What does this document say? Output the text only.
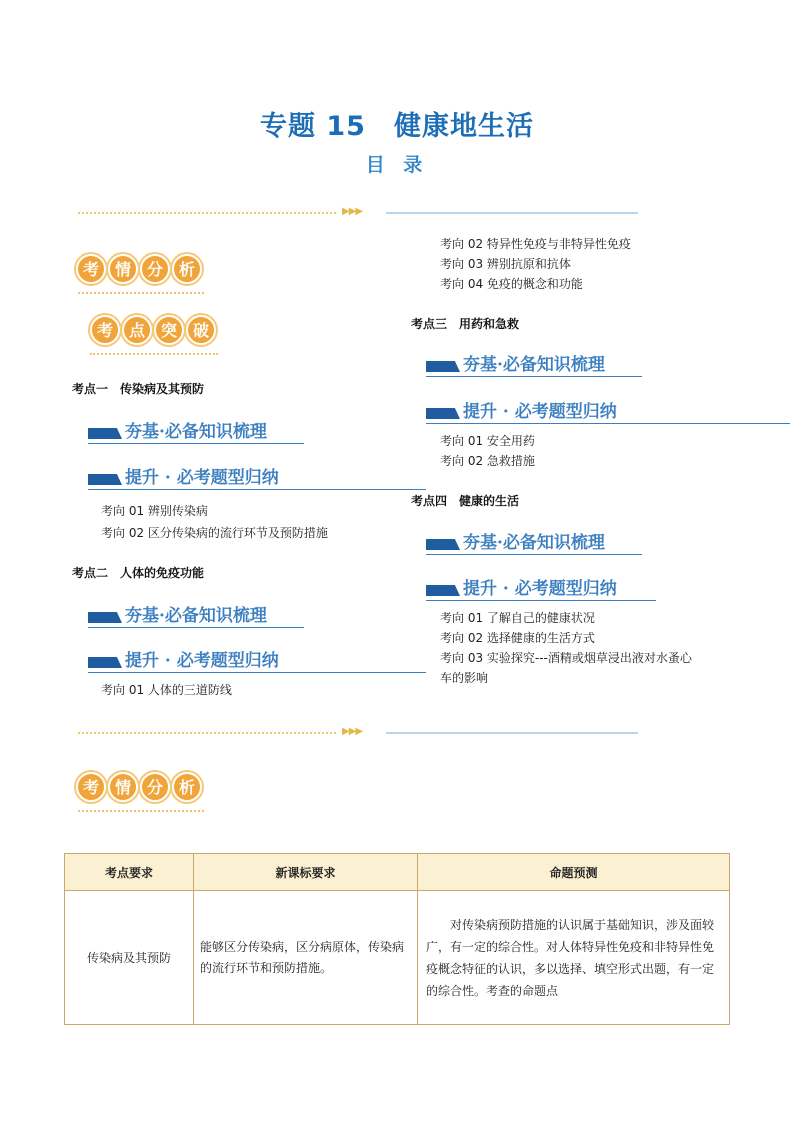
专题 15　健康地生活
目 录
▶▶▶
考 情 分 析
考 点 突 破
考点一　传染病及其预防
夯基·必备知识梳理
提升 · 必考题型归纳
考向 01 辨别传染病
考向 02 区分传染病的流行环节及预防措施
考点二　人体的免疫功能
夯基·必备知识梳理
提升 · 必考题型归纳
考向 01 人体的三道防线
考向 02 特异性免疫与非特异性免疫
考向 03 辨别抗原和抗体
考向 04 免疫的概念和功能
考点三　用药和急救
夯基·必备知识梳理
提升 · 必考题型归纳
考向 01 安全用药
考向 02 急救措施
考点四　健康的生活
夯基·必备知识梳理
提升 · 必考题型归纳
考向 01 了解自己的健康状况
考向 02 选择健康的生活方式
考向 03 实验探究---酒精或烟草浸出液对水蚤心
车的影响
▶▶▶
考 情 分 析
考点要求	新课标要求	命题预测
传染病及其预防	能够区分传染病，区分病原体，传染病的流行环节和预防措施。	对传染病预防措施的认识属于基础知识，涉及面较广，有一定的综合性。对人体特异性免疫和非特异性免疫概念特征的认识，多以选择、填空形式出题，有一定的综合性。考查的命题点
